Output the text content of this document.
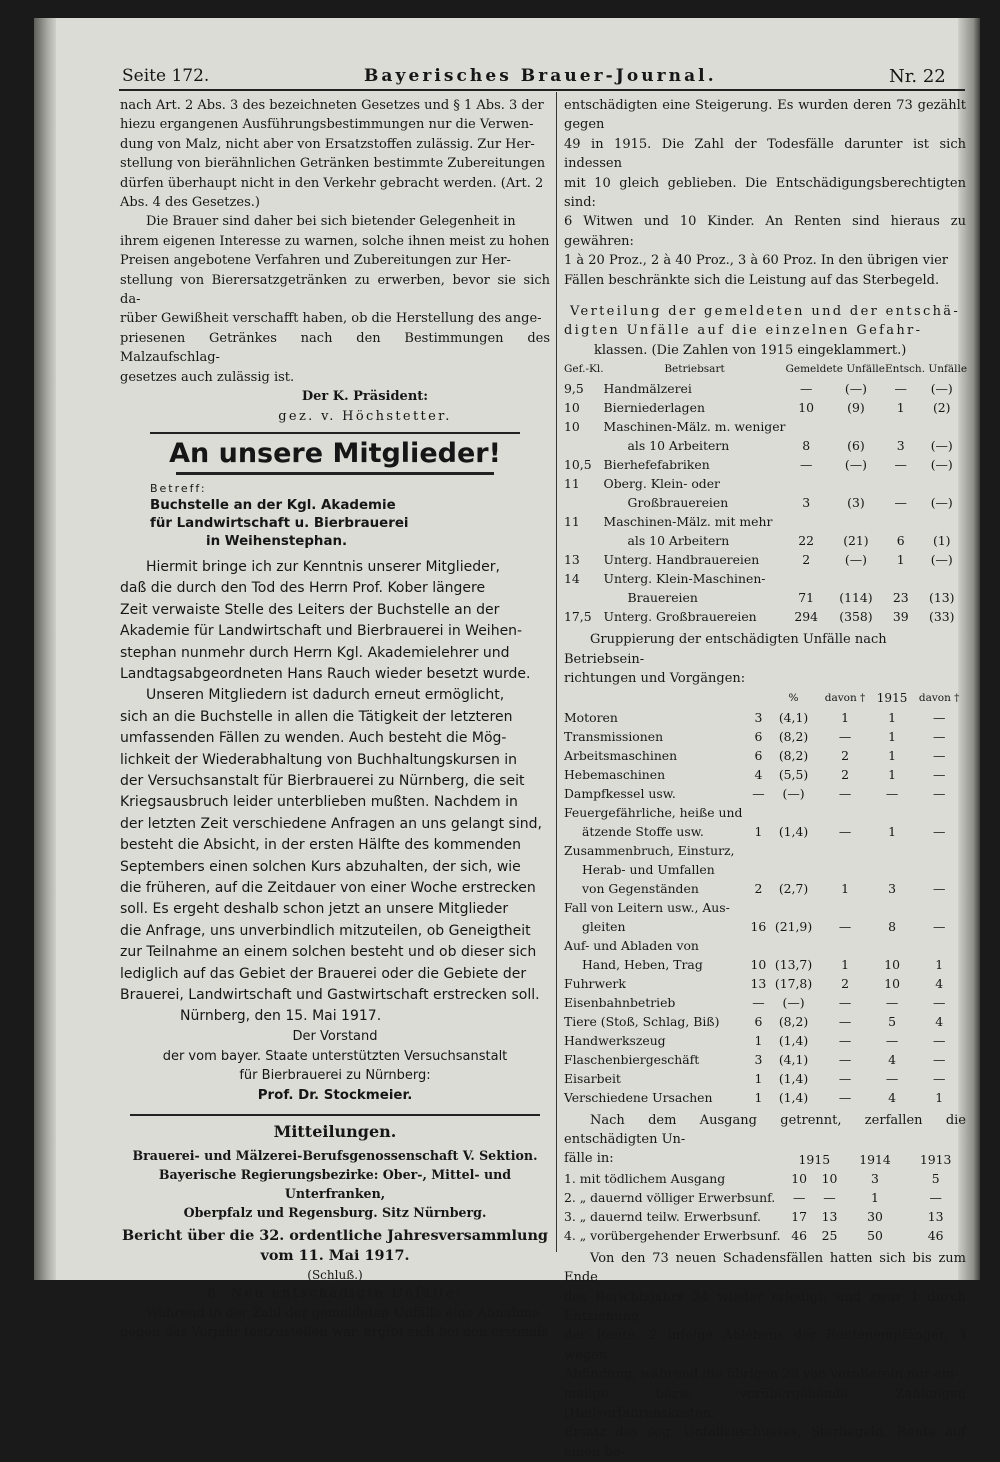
Seite 172.	Bayerisches Brauer-Journal.	Nr. 22

nach Art. 2 Abs. 3 des bezeichneten Gesetzes und § 1 Abs. 3 der

hiezu ergangenen Ausführungsbestimmungen nur die Verwen-

dung von Malz, nicht aber von Ersatzstoffen zulässig. Zur Her-

stellung von bierähnlichen Getränken bestimmte Zubereitungen

dürfen überhaupt nicht in den Verkehr gebracht werden. (Art. 2

Abs. 4 des Gesetzes.)

Die Brauer sind daher bei sich bietender Gelegenheit in

ihrem eigenen Interesse zu warnen, solche ihnen meist zu hohen

Preisen angebotene Verfahren und Zubereitungen zur Her-

stellung von Bierersatzgetränken zu erwerben, bevor sie sich da-

rüber Gewißheit verschafft haben, ob die Herstellung des ange-

priesenen Getränkes nach den Bestimmungen des Malzaufschlag-

gesetzes auch zulässig ist.

Der K. Präsident:
gez. v. Höchstetter.
An unsere Mitglieder!
Betreff:

Buchstelle an der Kgl. Akademie

für Landwirtschaft u. Bierbrauerei

in Weihenstephan.

Hiermit bringe ich zur Kenntnis unserer Mitglieder,

daß die durch den Tod des Herrn Prof. Kober längere

Zeit verwaiste Stelle des Leiters der Buchstelle an der

Akademie für Landwirtschaft und Bierbrauerei in Weihen-

stephan nunmehr durch Herrn Kgl. Akademielehrer und

Landtagsabgeordneten Hans Rauch wieder besetzt wurde.

Unseren Mitgliedern ist dadurch erneut ermöglicht,

sich an die Buchstelle in allen die Tätigkeit der letzteren

umfassenden Fällen zu wenden. Auch besteht die Mög-

lichkeit der Wiederabhaltung von Buchhaltungskursen in

der Versuchsanstalt für Bierbrauerei zu Nürnberg, die seit

Kriegsausbruch leider unterblieben mußten. Nachdem in

der letzten Zeit verschiedene Anfragen an uns gelangt sind,

besteht die Absicht, in der ersten Hälfte des kommenden

Septembers einen solchen Kurs abzuhalten, der sich, wie

die früheren, auf die Zeitdauer von einer Woche erstrecken

soll. Es ergeht deshalb schon jetzt an unsere Mitglieder

die Anfrage, uns unverbindlich mitzuteilen, ob Geneigtheit

zur Teilnahme an einem solchen besteht und ob dieser sich

lediglich auf das Gebiet der Brauerei oder die Gebiete der

Brauerei, Landwirtschaft und Gastwirtschaft erstrecken soll.

Nürnberg, den 15. Mai 1917.

Der Vorstand

der vom bayer. Staate unterstützten Versuchsanstalt

für Bierbrauerei zu Nürnberg:

Prof. Dr. Stockmeier.
Mitteilungen.

Brauerei- und Mälzerei-Berufsgenossenschaft V. Sektion.

Bayerische Regierungsbezirke: Ober-, Mittel- und Unterfranken,

Oberpfalz und Regensburg. Sitz Nürnberg.

Bericht über die 32. ordentliche Jahresversammlung

vom 11. Mai 1917.

(Schluß.)
6. Neu entschädigte Unfälle:

Während in der Zahl der gemeldeten Unfälle eine Abnahme

gegen das Vorjahr festzustellen war, ergibt sich bei den erstmals

entschädigten eine Steigerung. Es wurden deren 73 gezählt gegen

49 in 1915. Die Zahl der Todesfälle darunter ist sich indessen

mit 10 gleich geblieben. Die Entschädigungsberechtigten sind:

6 Witwen und 10 Kinder. An Renten sind hieraus zu gewähren:

1 à 20 Proz., 2 à 40 Proz., 3 à 60 Proz. In den übrigen vier

Fällen beschränkte sich die Leistung auf das Sterbegeld.

Verteilung der gemeldeten und der entschä-

digten Unfälle auf die einzelnen Gefahr-

klassen. (Die Zahlen von 1915 eingeklammert.)

Gef.-Kl.	Betriebsart	Gemeldete Unfälle		Entsch. Unfälle	
9,5	Handmälzerei	—	(—)	—	(—)
10	Bierniederlagen	10	(9)	1	(2)
10	Maschinen-Mälz. m. weniger				
	als 10 Arbeitern	8	(6)	3	(—)
10,5	Bierhefefabriken	—	(—)	—	(—)
11	Oberg. Klein- oder				
	Großbrauereien	3	(3)	—	(—)
11	Maschinen-Mälz. mit mehr				
	als 10 Arbeitern	22	(21)	6	(1)
13	Unterg. Handbrauereien	2	(—)	1	(—)
14	Unterg. Klein-Maschinen-				
	Brauereien	71	(114)	23	(13)
17,5	Unterg. Großbrauereien	294	(358)	39	(33)

Gruppierung der entschädigten Unfälle nach Betriebsein-

richtungen und Vorgängen:

		%	davon †	1915	davon †
Motoren	3	(4,1)	1	1	—
Transmissionen	6	(8,2)	—	1	—
Arbeitsmaschinen	6	(8,2)	2	1	—
Hebemaschinen	4	(5,5)	2	1	—
Dampfkessel usw.	—	(—)	—	—	—
Feuergefährliche, heiße und					
ätzende Stoffe usw.	1	(1,4)	—	1	—
Zusammenbruch, Einsturz,					
Herab- und Umfallen					
von Gegenständen	2	(2,7)	1	3	—
Fall von Leitern usw., Aus-					
gleiten	16	(21,9)	—	8	—
Auf- und Abladen von					
Hand, Heben, Trag	10	(13,7)	1	10	1
Fuhrwerk	13	(17,8)	2	10	4
Eisenbahnbetrieb	—	(—)	—	—	—
Tiere (Stoß, Schlag, Biß)	6	(8,2)	—	5	4
Handwerkszeug	1	(1,4)	—	—	—
Flaschenbiergeschäft	3	(4,1)	—	4	—
Eisarbeit	1	(1,4)	—	—	—
Verschiedene Ursachen	1	(1,4)	—	4	1

Nach dem Ausgang getrennt, zerfallen die entschädigten Un-

fälle in:

		1915		1914	1913
1. mit tödlichem Ausgang	10	10	3	5
2. „ dauernd völliger Erwerbsunf.	—	—	1	—
3. „ dauernd teilw. Erwerbsunf.	17	13	30	13
4. „ vorübergehender Erwerbsunf.	46	25	50	46

Von den 73 neuen Schadensfällen hatten sich bis zum Ende

des Berichtsjahrs 34 wieder erledigt, und zwar 1 durch Entziehung

der Rente, 2 infolge Ablebens der Rentenempfänger, 3 wegen

Abfindung, während die übrigen 28 von vornherein nur ein-

malige bezw. vorübergehende Zahlungen (Heilverfahrenskosten,

Ersatz des sog. Unfallzuschusses, Sterbegeld, Rente auf einen be-
